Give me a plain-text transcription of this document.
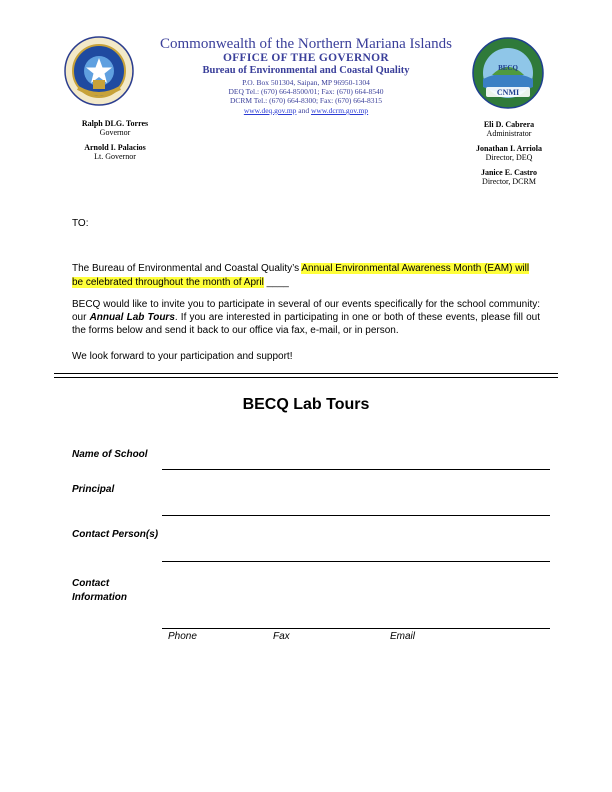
CNMI
BECQ
Commonwealth of the Northern Mariana Islands
OFFICE OF THE GOVERNOR
Bureau of Environmental and Coastal Quality
P.O. Box 501304, Saipan, MP 96950-1304
DEQ Tel.: (670) 664-8500/01; Fax: (670) 664-8540
DCRM Tel.: (670) 664-8300; Fax: (670) 664-8315
www.deq.gov.mp and www.dcrm.gov.mp
Ralph DLG. Torres
Governor
Arnold I. Palacios
Lt. Governor
Eli D. Cabrera
Administrator
Jonathan I. Arriola
Director, DEQ
Janice E. Castro
Director, DCRM
TO:
The Bureau of Environmental and Coastal Quality’s Annual Environmental Awareness Month (EAM) will be celebrated throughout the month of April ____
BECQ would like to invite you to participate in several of our events specifically for the school community: our Annual Lab Tours. If you are interested in participating in one or both of these events, please fill out the forms below and send it back to our office via fax, e-mail, or in person.
We look forward to your participation and support!
BECQ Lab Tours
Name of School
Principal
Contact Person(s)
Contact Information
Phone	Fax	Email
